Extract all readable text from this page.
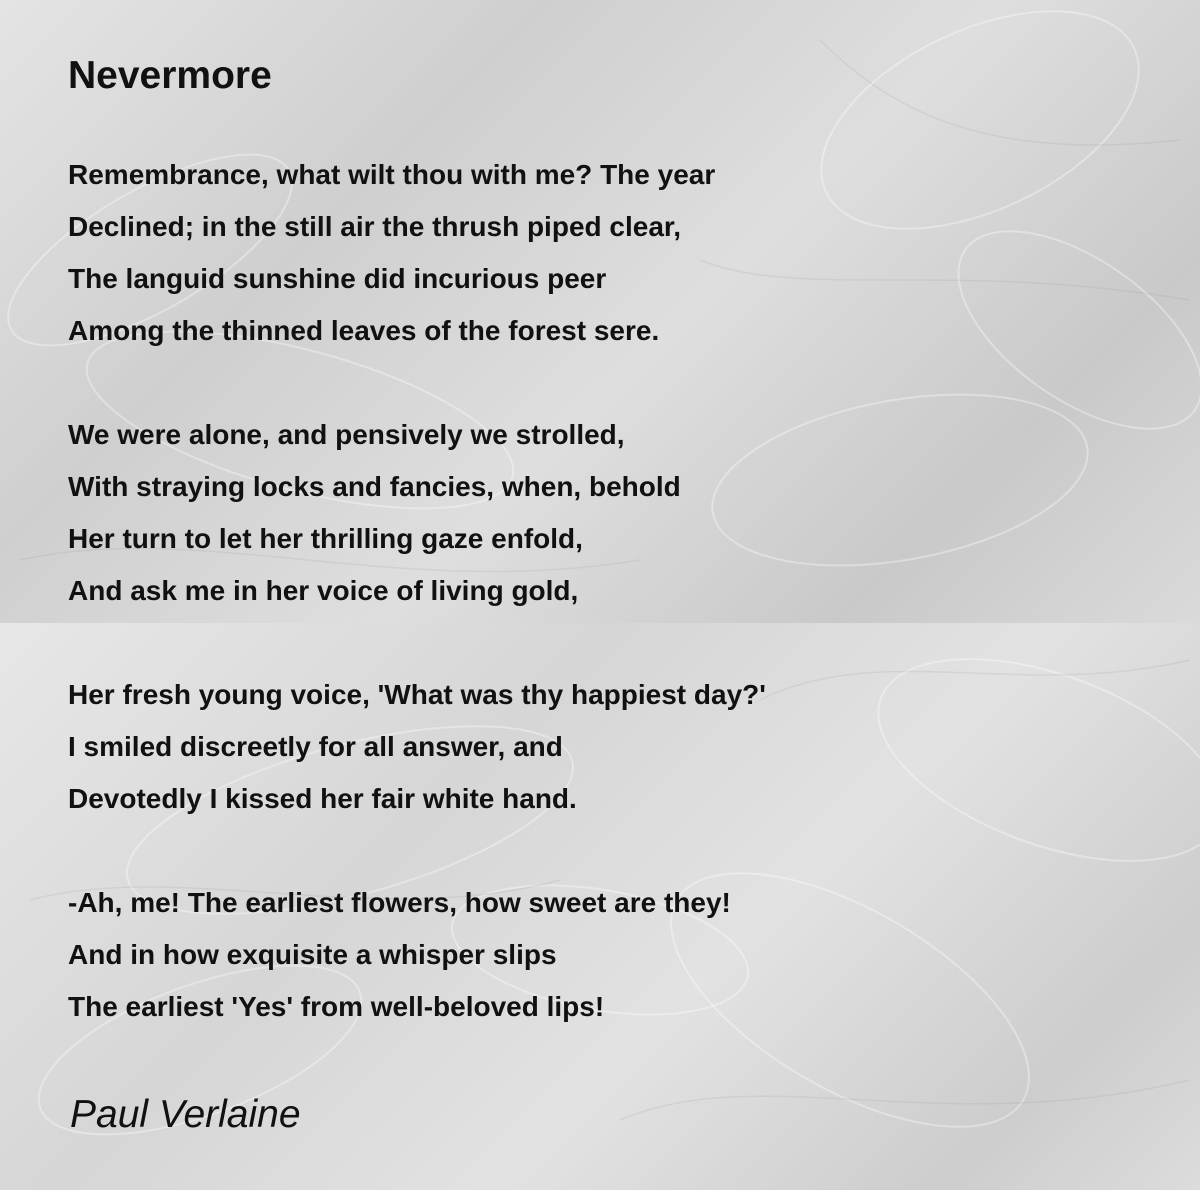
Nevermore
Remembrance, what wilt thou with me? The year
Declined; in the still air the thrush piped clear,
The languid sunshine did incurious peer
Among the thinned leaves of the forest sere.
We were alone, and pensively we strolled,
With straying locks and fancies, when, behold
Her turn to let her thrilling gaze enfold,
And ask me in her voice of living gold,
Her fresh young voice, 'What was thy happiest day?'
I smiled discreetly for all answer, and
Devotedly I kissed her fair white hand.
-Ah, me! The earliest flowers, how sweet are they!
And in how exquisite a whisper slips
The earliest 'Yes' from well-beloved lips!

Paul Verlaine
